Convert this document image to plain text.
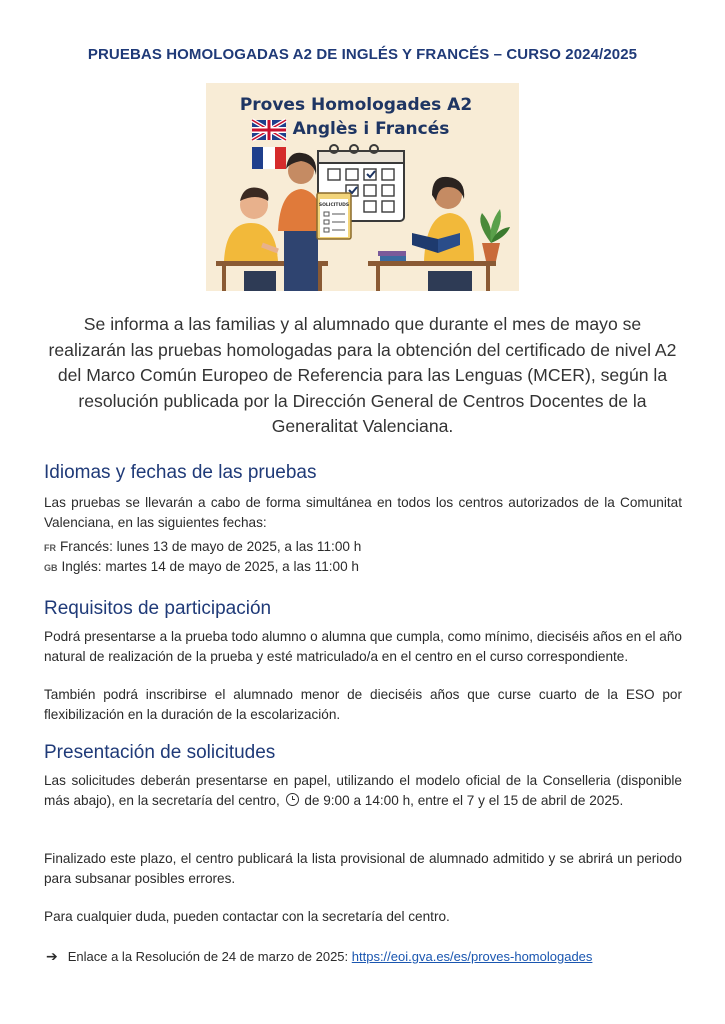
PRUEBAS HOMOLOGADAS A2 DE INGLÉS Y FRANCÉS – CURSO 2024/2025
Proves Homologades A2
Anglès i Francés
SOLICITUDS
Se informa a las familias y al alumnado que durante el mes de mayo se realizarán las pruebas homologadas para la obtención del certificado de nivel A2 del Marco Común Europeo de Referencia para las Lenguas (MCER), según la resolución publicada por la Dirección General de Centros Docentes de la Generalitat Valenciana.
Idiomas y fechas de las pruebas
Las pruebas se llevarán a cabo de forma simultánea en todos los centros autorizados de la Comunitat Valenciana, en las siguientes fechas:
FR Francés: lunes 13 de mayo de 2025, a las 11:00 h
GB Inglés: martes 14 de mayo de 2025, a las 11:00 h
Requisitos de participación
Podrá presentarse a la prueba todo alumno o alumna que cumpla, como mínimo, dieciséis años en el año natural de realización de la prueba y esté matriculado/a en el centro en el curso correspondiente.
También podrá inscribirse el alumnado menor de dieciséis años que curse cuarto de la ESO por flexibilización en la duración de la escolarización.
Presentación de solicitudes
Las solicitudes deberán presentarse en papel, utilizando el modelo oficial de la Conselleria (disponible más abajo), en la secretaría del centro, de 9:00 a 14:00 h, entre el 7 y el 15 de abril de 2025.
Finalizado este plazo, el centro publicará la lista provisional de alumnado admitido y se abrirá un periodo para subsanar posibles errores.
Para cualquier duda, pueden contactar con la secretaría del centro.
➔ Enlace a la Resolución de 24 de marzo de 2025: https://eoi.gva.es/es/proves-homologades
